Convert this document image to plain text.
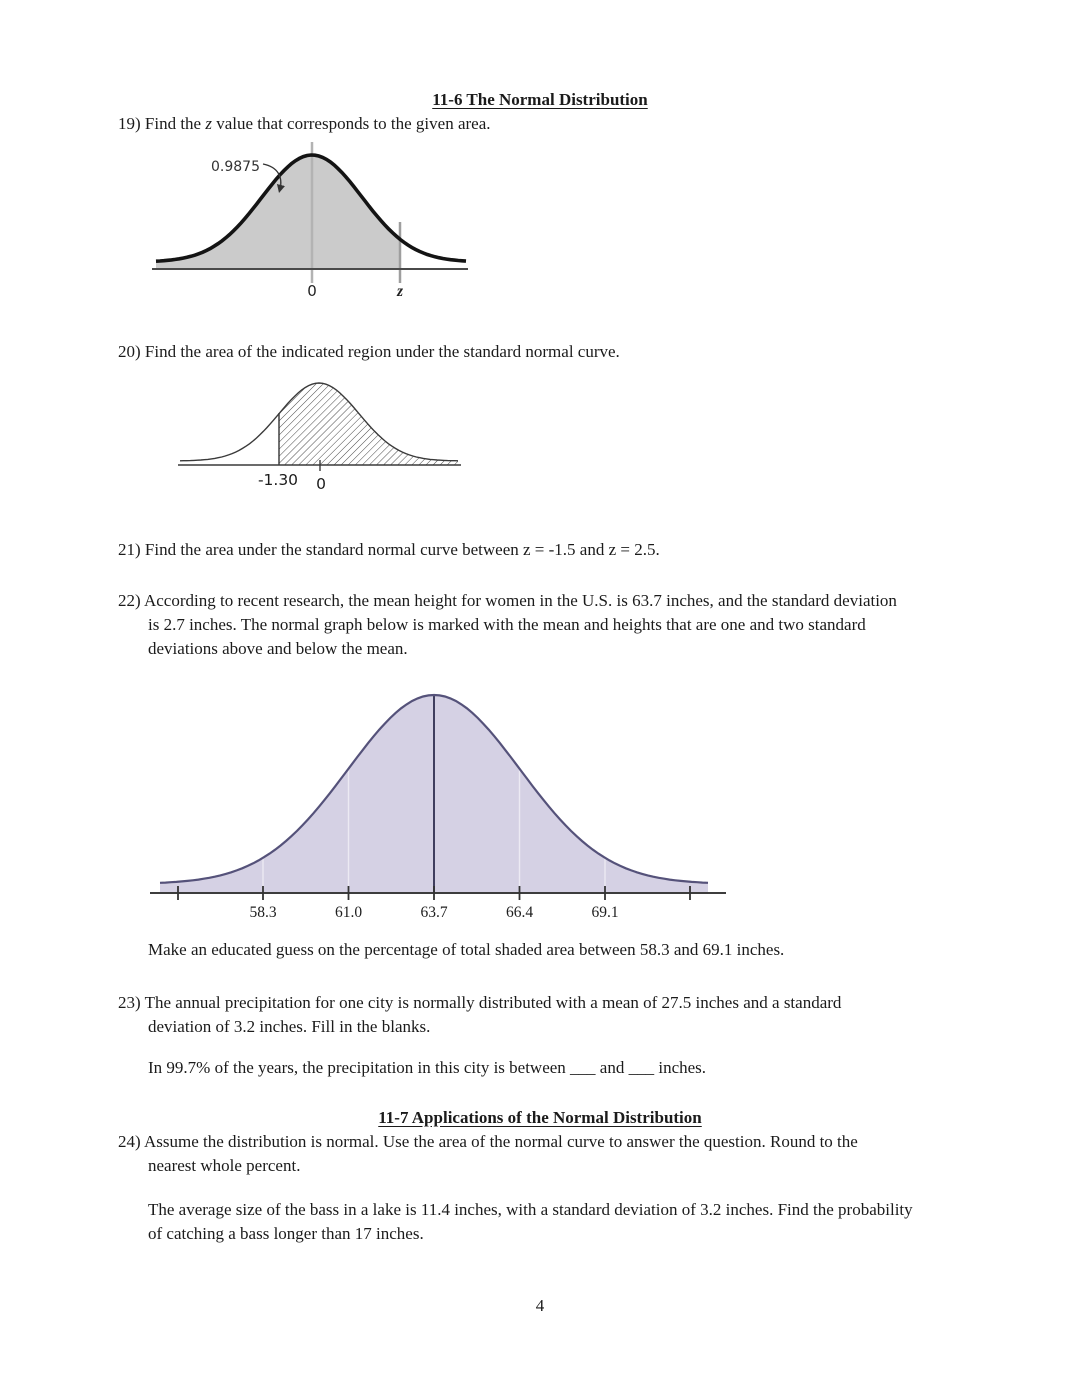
11-6 The Normal Distribution
19) Find the z value that corresponds to the given area.
0.9875
0	z
20) Find the area of the indicated region under the standard normal curve.
-1.30 0
21) Find the area under the standard normal curve between z = -1.5 and z = 2.5.
22) According to recent research, the mean height for women in the U.S. is 63.7 inches, and the standard deviation
is 2.7 inches. The normal graph below is marked with the mean and heights that are one and two standard
deviations above and below the mean.
58.3	61.0	63.7	66.4	69.1
Make an educated guess on the percentage of total shaded area between 58.3 and 69.1 inches.
23) The annual precipitation for one city is normally distributed with a mean of 27.5 inches and a standard
deviation of 3.2 inches. Fill in the blanks.
In 99.7% of the years, the precipitation in this city is between ___ and ___ inches.
11-7 Applications of the Normal Distribution
24) Assume the distribution is normal. Use the area of the normal curve to answer the question. Round to the
nearest whole percent.
The average size of the bass in a lake is 11.4 inches, with a standard deviation of 3.2 inches. Find the probability
of catching a bass longer than 17 inches.
4
